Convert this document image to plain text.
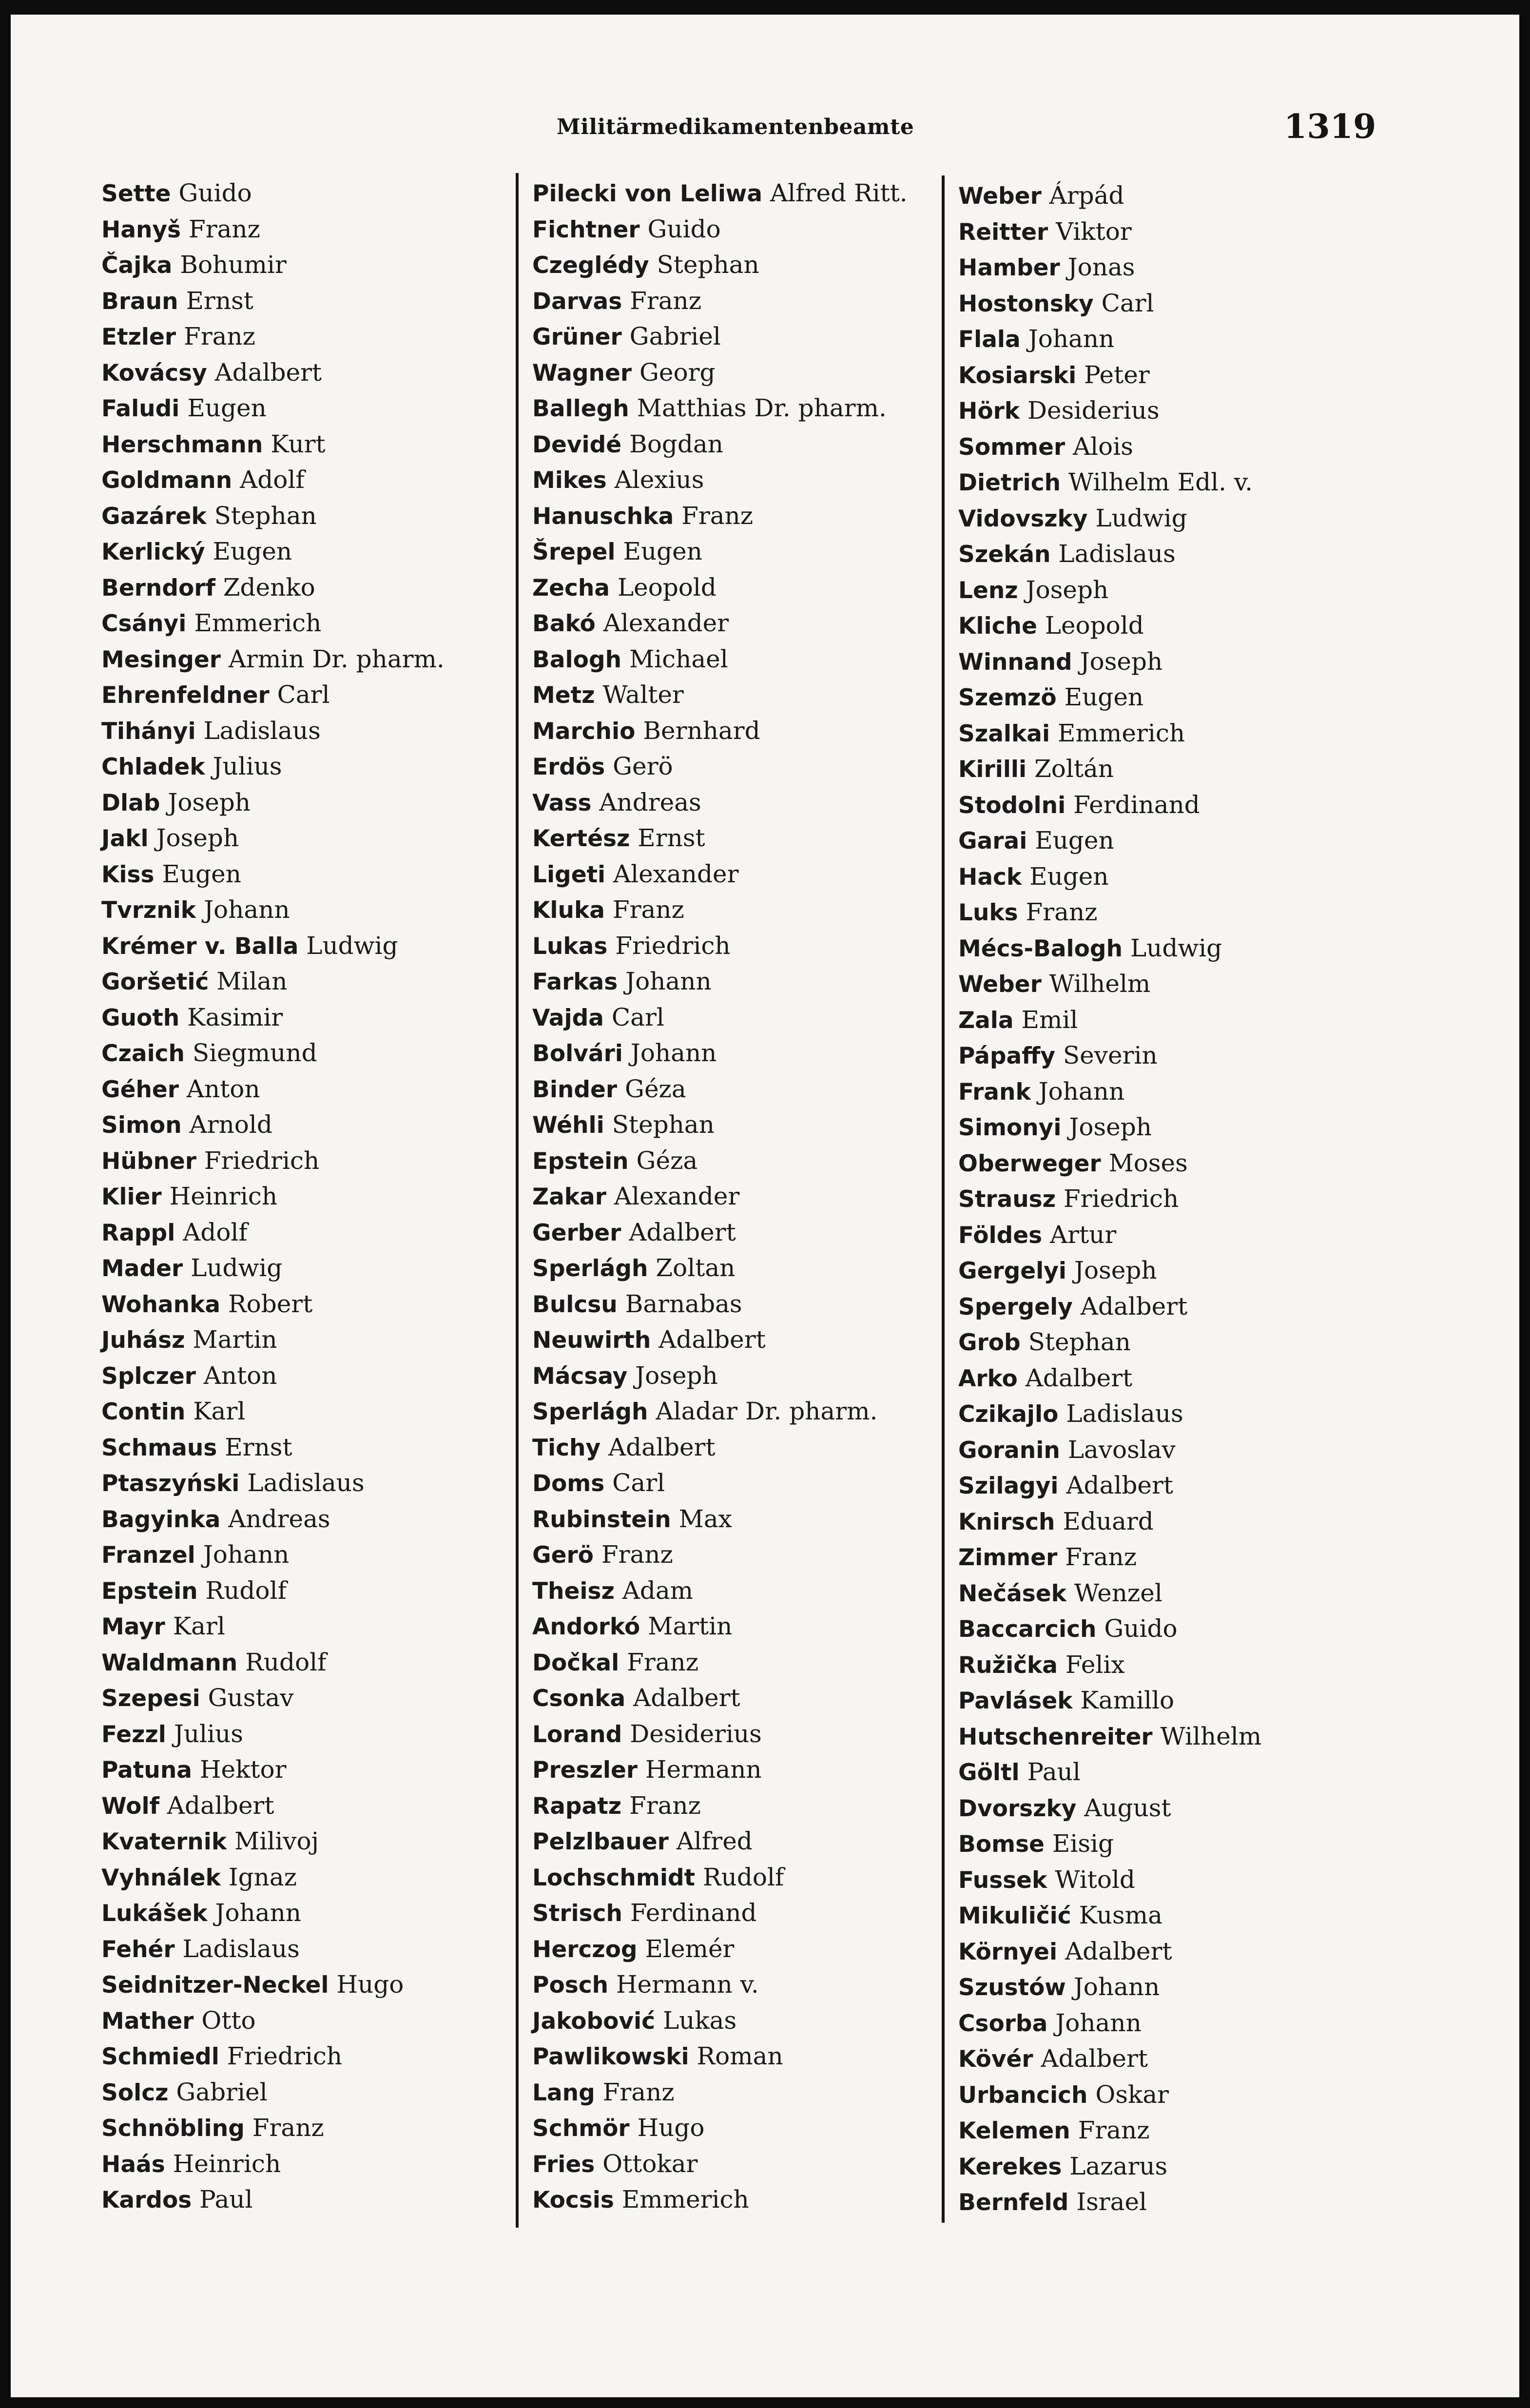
Militärmedikamentenbeamte	1319
Sette Guido
Hanyš Franz
Čajka Bohumir
Braun Ernst
Etzler Franz
Kovácsy Adalbert
Faludi Eugen
Herschmann Kurt
Goldmann Adolf
Gazárek Stephan
Kerlický Eugen
Berndorf Zdenko
Csányi Emmerich
Mesinger Armin Dr. pharm.
Ehrenfeldner Carl
Tihányi Ladislaus
Chladek Julius
Dlab Joseph
Jakl Joseph
Kiss Eugen
Tvrznik Johann
Krémer v. Balla Ludwig
Goršetić Milan
Guoth Kasimir
Czaich Siegmund
Géher Anton
Simon Arnold
Hübner Friedrich
Klier Heinrich
Rappl Adolf
Mader Ludwig
Wohanka Robert
Juhász Martin
Splczer Anton
Contin Karl
Schmaus Ernst
Ptaszyński Ladislaus
Bagyinka Andreas
Franzel Johann
Epstein Rudolf
Mayr Karl
Waldmann Rudolf
Szepesi Gustav
Fezzl Julius
Patuna Hektor
Wolf Adalbert
Kvaternik Milivoj
Vyhnálek Ignaz
Lukášek Johann
Fehér Ladislaus
Seidnitzer-Neckel Hugo
Mather Otto
Schmiedl Friedrich
Solcz Gabriel
Schnöbling Franz
Haás Heinrich
Kardos Paul
Pilecki von Leliwa Alfred Ritt.
Fichtner Guido
Czeglédy Stephan
Darvas Franz
Grüner Gabriel
Wagner Georg
Ballegh Matthias Dr. pharm.
Devidé Bogdan
Mikes Alexius
Hanuschka Franz
Šrepel Eugen
Zecha Leopold
Bakó Alexander
Balogh Michael
Metz Walter
Marchio Bernhard
Erdös Gerö
Vass Andreas
Kertész Ernst
Ligeti Alexander
Kluka Franz
Lukas Friedrich
Farkas Johann
Vajda Carl
Bolvári Johann
Binder Géza
Wéhli Stephan
Epstein Géza
Zakar Alexander
Gerber Adalbert
Sperlágh Zoltan
Bulcsu Barnabas
Neuwirth Adalbert
Mácsay Joseph
Sperlágh Aladar Dr. pharm.
Tichy Adalbert
Doms Carl
Rubinstein Max
Gerö Franz
Theisz Adam
Andorkó Martin
Dočkal Franz
Csonka Adalbert
Lorand Desiderius
Preszler Hermann
Rapatz Franz
Pelzlbauer Alfred
Lochschmidt Rudolf
Strisch Ferdinand
Herczog Elemér
Posch Hermann v.
Jakobović Lukas
Pawlikowski Roman
Lang Franz
Schmör Hugo
Fries Ottokar
Kocsis Emmerich
Weber Árpád
Reitter Viktor
Hamber Jonas
Hostonsky Carl
Flala Johann
Kosiarski Peter
Hörk Desiderius
Sommer Alois
Dietrich Wilhelm Edl. v.
Vidovszky Ludwig
Szekán Ladislaus
Lenz Joseph
Kliche Leopold
Winnand Joseph
Szemzö Eugen
Szalkai Emmerich
Kirilli Zoltán
Stodolni Ferdinand
Garai Eugen
Hack Eugen
Luks Franz
Mécs-Balogh Ludwig
Weber Wilhelm
Zala Emil
Pápaffy Severin
Frank Johann
Simonyi Joseph
Oberweger Moses
Strausz Friedrich
Földes Artur
Gergelyi Joseph
Spergely Adalbert
Grob Stephan
Arko Adalbert
Czikajlo Ladislaus
Goranin Lavoslav
Szilagyi Adalbert
Knirsch Eduard
Zimmer Franz
Nečásek Wenzel
Baccarcich Guido
Ružička Felix
Pavlásek Kamillo
Hutschenreiter Wilhelm
Göltl Paul
Dvorszky August
Bomse Eisig
Fussek Witold
Mikuličić Kusma
Környei Adalbert
Szustów Johann
Csorba Johann
Kövér Adalbert
Urbancich Oskar
Kelemen Franz
Kerekes Lazarus
Bernfeld Israel
